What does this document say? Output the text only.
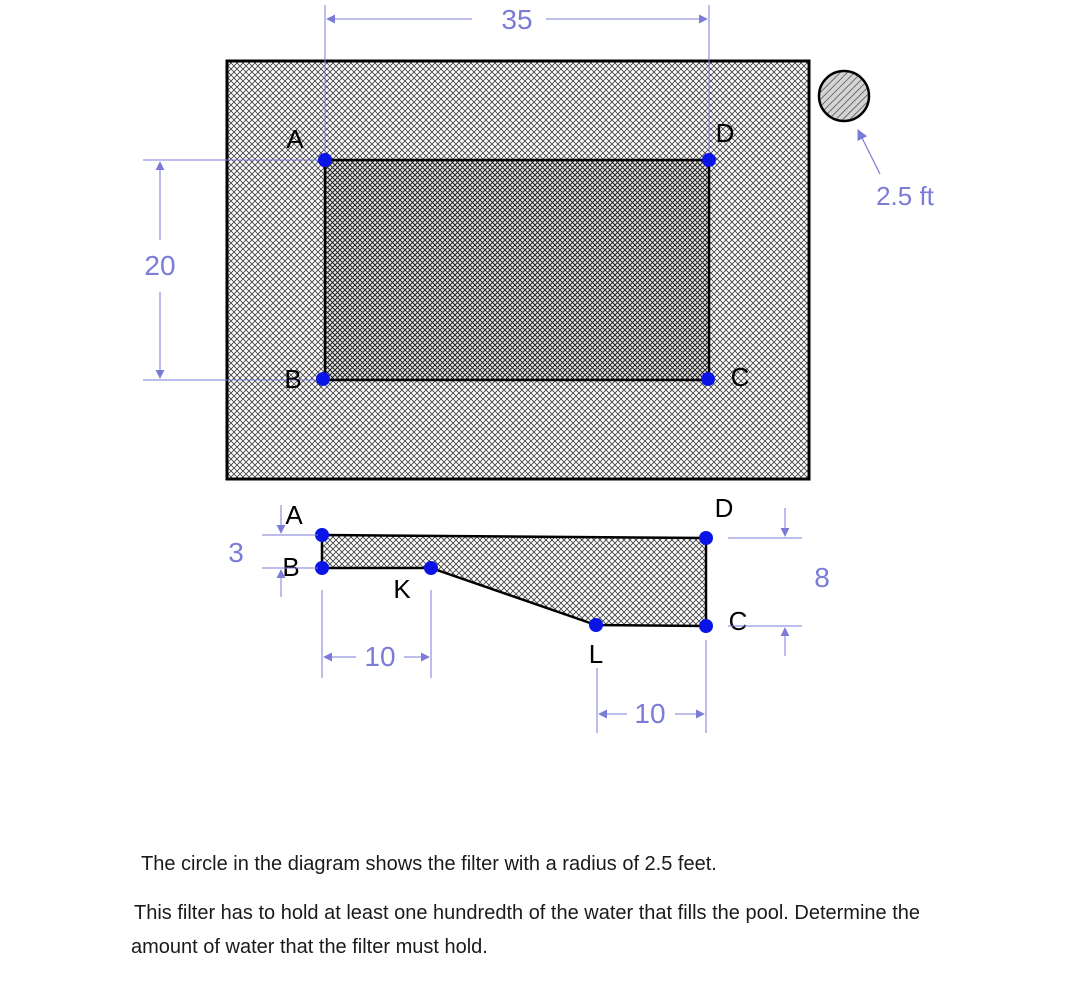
35
20
A
B	C
D
2.5 ft
A
B
K
L
C
D
3
8
10
10
The circle in the diagram shows the filter with a radius of 2.5 feet.
This filter has to hold at least one hundredth of the water that fills the pool. Determine the amount of water that the filter must hold.
